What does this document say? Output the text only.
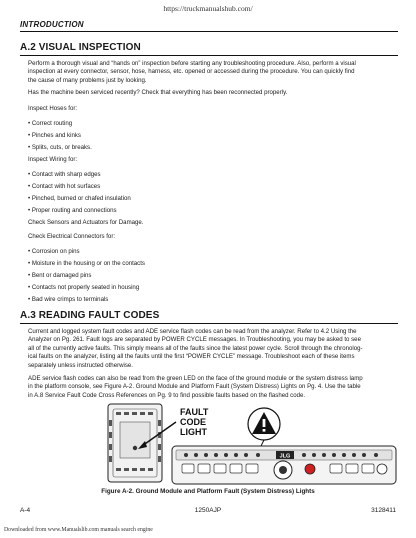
https://truckmanualshub.com/
INTRODUCTION
A.2 VISUAL INSPECTION
Perform a thorough visual and “hands on” inspection before starting any troubleshooting procedure. Also, perform a visual
inspection at every connector, sensor, hose, harness, etc. opened or accessed during the procedure. You can quickly find
the cause of many problems just by looking.
Has the machine been serviced recently? Check that everything has been reconnected properly.
Inspect Hoses for:
• Correct routing
• Pinches and kinks
• Splits, cuts, or breaks.
Inspect Wiring for:
• Contact with sharp edges
• Contact with hot surfaces
• Pinched, burned or chafed insulation
• Proper routing and connections
Check Sensors and Actuators for Damage.
Check Electrical Connectors for:
• Corrosion on pins
• Moisture in the housing or on the contacts
• Bent or damaged pins
• Contacts not properly seated in housing
• Bad wire crimps to terminals
A.3 READING FAULT CODES
Current and logged system fault codes and ADE service flash codes can be read from the analyzer. Refer to 4.2 Using the
Analyzer on Pg. 261. Fault logs are separated by POWER CYCLE messages. In Troubleshooting, you may be asked to see
all of the currently active faults. This simply means all of the faults since the latest power cycle. Scroll through the chronolog-
ical faults on the analyzer, listing all the faults until the first “POWER CYCLE” message. Troubleshoot each of these items
separately unless instructed otherwise.
ADE service flash codes can also be read from the green LED on the face of the ground module or the system distress lamp
in the platform console, see Figure A-2. Ground Module and Platform Fault (System Distress) Lights on Pg. 4. Use the table
in A.8 Service Fault Code Cross References on Pg. 9 to find possible faults based on the flashed code.
FAULT
CODE
LIGHT
JLG
Figure A-2. Ground Module and Platform Fault (System Distress) Lights
A-4	1250AJP	3128411
Downloaded from www.Manualslib.com manuals search engine
